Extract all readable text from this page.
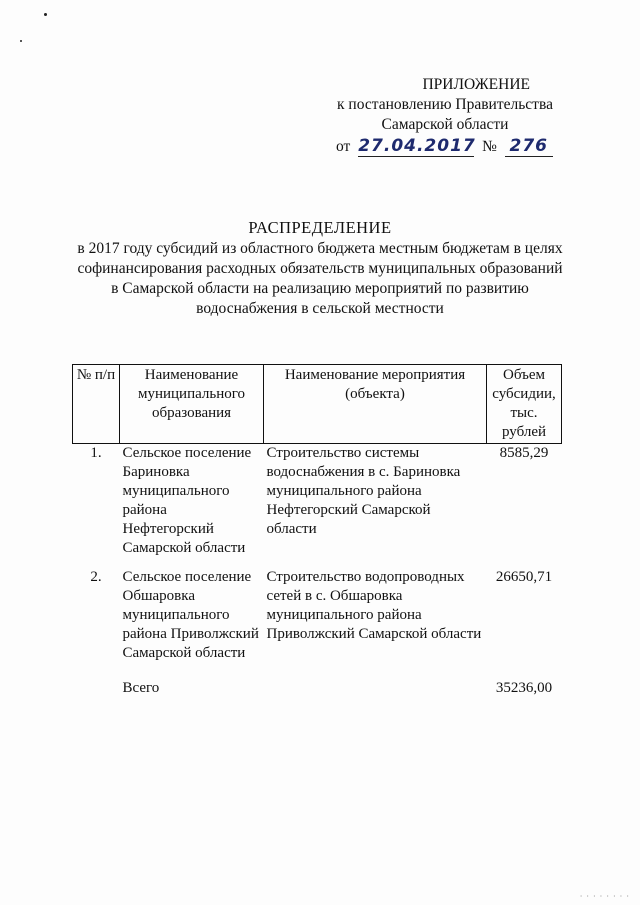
ПРИЛОЖЕНИЕ
к постановлению Правительства
Самарской области
от 27.04.2017 № 276
РАСПРЕДЕЛЕНИЕ
в 2017 году субсидий из областного бюджета местным бюджетам в целях
софинансирования расходных обязательств муниципальных образований
в Самарской области на реализацию мероприятий по развитию
водоснабжения в сельской местности
№ п/п	Наименование муниципального образования	Наименование мероприятия (объекта)	Объем субсидии, тыс. рублей
1.	Сельское поселение Бариновка муниципального района Нефтегорский Самарской области	Строительство системы водоснабжения в с. Бариновка муниципального района Нефтегорский Самарской области	8585,29
2.	Сельское поселение Обшаровка муниципального района Приволжский Самарской области	Строительство водопроводных сетей в с. Обшаровка муниципального района Приволжский Самарской области	26650,71
	Всего		35236,00
· · · · · · · ·
